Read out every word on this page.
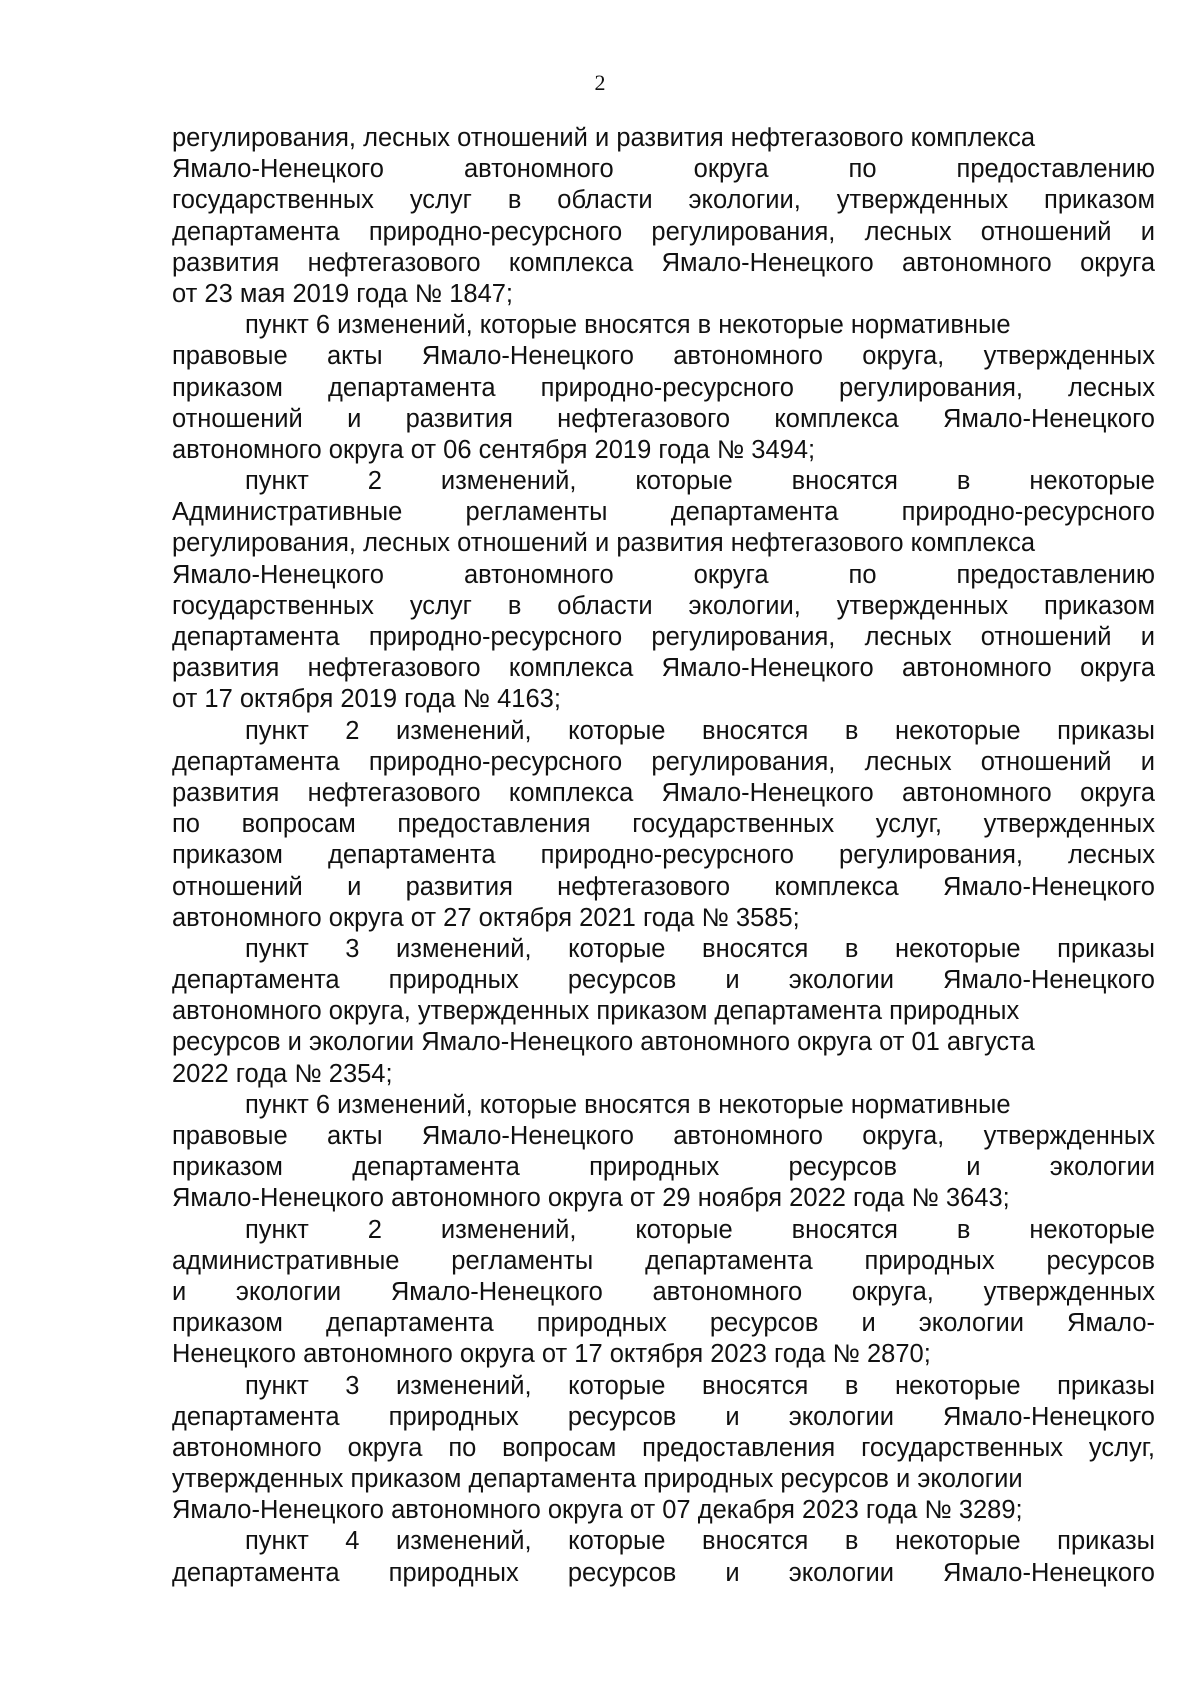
2
регулирования, лесных отношений и развития нефтегазового комплекса
Ямало-Ненецкого автономного округа по предоставлению
государственных услуг в области экологии, утвержденных приказом
департамента природно-ресурсного регулирования, лесных отношений и
развития нефтегазового комплекса Ямало-Ненецкого автономного округа
от 23 мая 2019 года № 1847;
пункт 6 изменений, которые вносятся в некоторые нормативные
правовые акты Ямало-Ненецкого автономного округа, утвержденных
приказом департамента природно-ресурсного регулирования, лесных
отношений и развития нефтегазового комплекса Ямало-Ненецкого
автономного округа от 06 сентября 2019 года № 3494;
пункт 2 изменений, которые вносятся в некоторые
Административные регламенты департамента природно-ресурсного
регулирования, лесных отношений и развития нефтегазового комплекса
Ямало-Ненецкого автономного округа по предоставлению
государственных услуг в области экологии, утвержденных приказом
департамента природно-ресурсного регулирования, лесных отношений и
развития нефтегазового комплекса Ямало-Ненецкого автономного округа
от 17 октября 2019 года № 4163;
пункт 2 изменений, которые вносятся в некоторые приказы
департамента природно-ресурсного регулирования, лесных отношений и
развития нефтегазового комплекса Ямало-Ненецкого автономного округа
по вопросам предоставления государственных услуг, утвержденных
приказом департамента природно-ресурсного регулирования, лесных
отношений и развития нефтегазового комплекса Ямало-Ненецкого
автономного округа от 27 октября 2021 года № 3585;
пункт 3 изменений, которые вносятся в некоторые приказы
департамента природных ресурсов и экологии Ямало-Ненецкого
автономного округа, утвержденных приказом департамента природных
ресурсов и экологии Ямало-Ненецкого автономного округа от 01 августа
2022 года № 2354;
пункт 6 изменений, которые вносятся в некоторые нормативные
правовые акты Ямало-Ненецкого автономного округа, утвержденных
приказом департамента природных ресурсов и экологии
Ямало-Ненецкого автономного округа от 29 ноября 2022 года № 3643;
пункт 2 изменений, которые вносятся в некоторые
административные регламенты департамента природных ресурсов
и экологии Ямало-Ненецкого автономного округа, утвержденных
приказом департамента природных ресурсов и экологии Ямало-
Ненецкого автономного округа от 17 октября 2023 года № 2870;
пункт 3 изменений, которые вносятся в некоторые приказы
департамента природных ресурсов и экологии Ямало-Ненецкого
автономного округа по вопросам предоставления государственных услуг,
утвержденных приказом департамента природных ресурсов и экологии
Ямало-Ненецкого автономного округа от 07 декабря 2023 года № 3289;
пункт 4 изменений, которые вносятся в некоторые приказы
департамента природных ресурсов и экологии Ямало-Ненецкого
